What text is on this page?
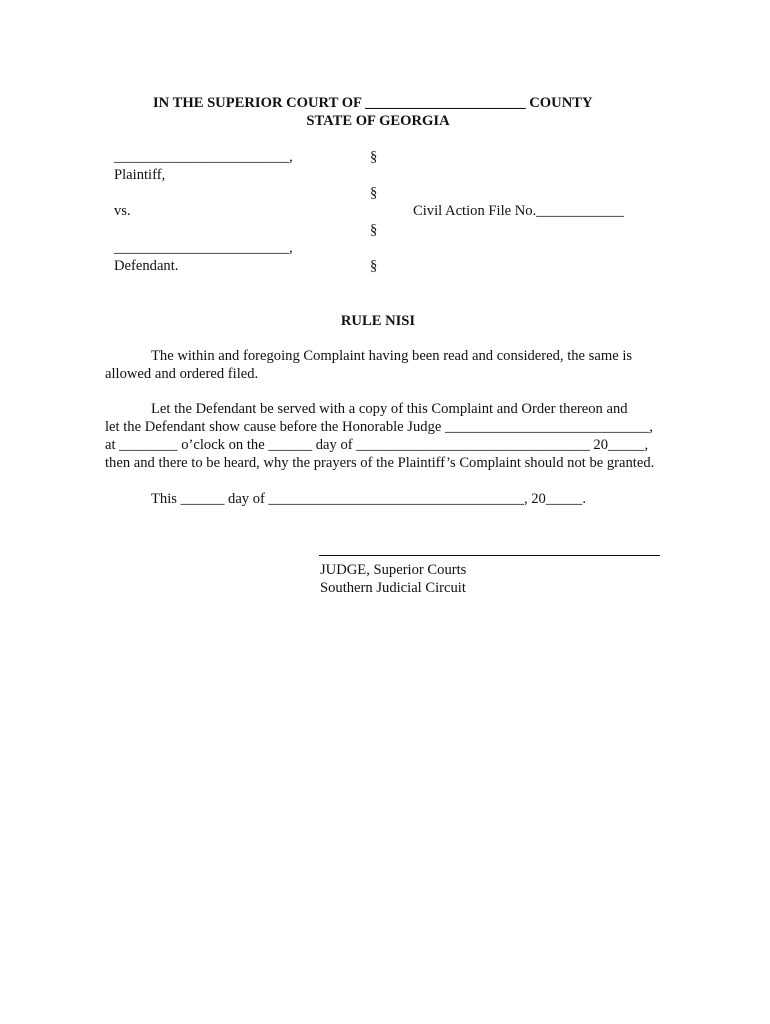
IN THE SUPERIOR COURT OF ______________________ COUNTY
STATE OF GEORGIA
________________________,
Plaintiff,
vs.
________________________,
Defendant.
§
§
§
§
Civil Action File No.____________
RULE NISI
The within and foregoing Complaint having been read and considered, the same is allowed and ordered filed.
Let the Defendant be served with a copy of this Complaint and Order thereon and
let the Defendant show cause before the Honorable Judge ____________________________,
at ________ o’clock on the ______ day of ________________________________ 20_____,
then and there to be heard, why the prayers of the Plaintiff’s Complaint should not be granted.
This ______ day of ___________________________________, 20_____.
JUDGE, Superior Courts
Southern Judicial Circuit
